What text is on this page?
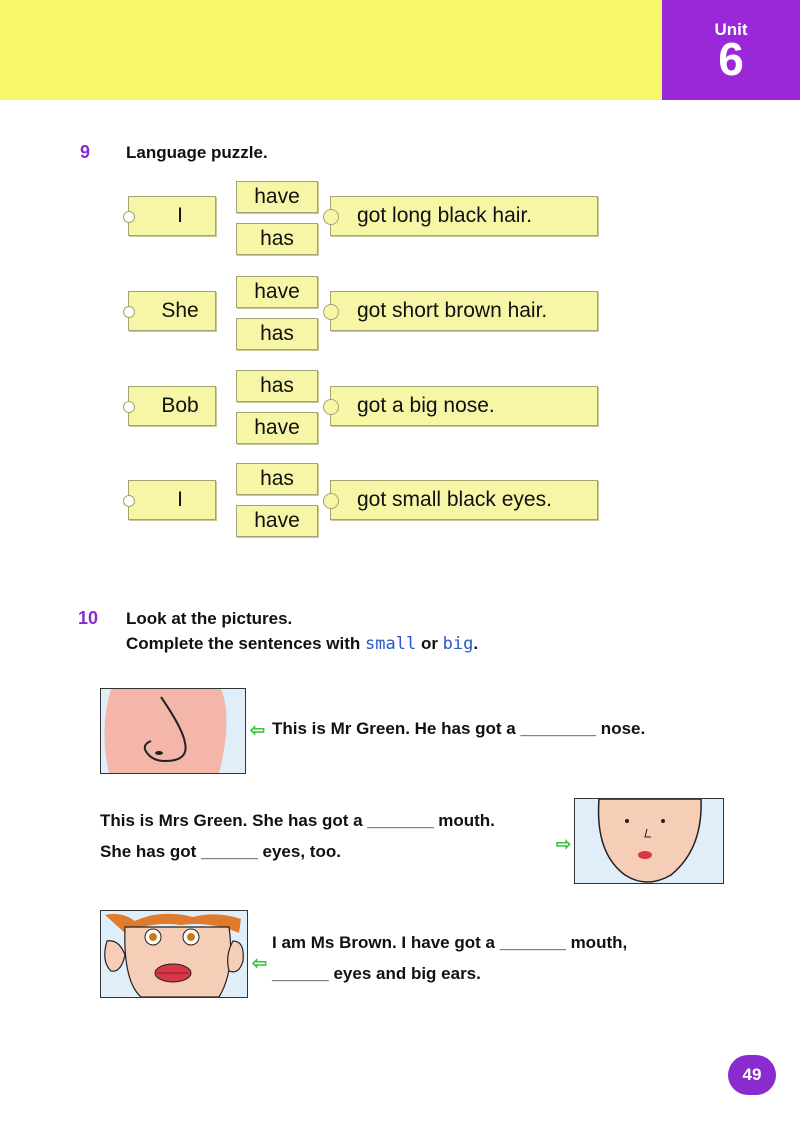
Unit
6
9 Language puzzle.
I
have
has
got long black hair.
She
have
has
got short brown hair.
Bob
has
have
got a big nose.
I
has
have
got small black eyes.
10 Look at the pictures.
Complete the sentences with small or big.
⇦ This is Mr Green. He has got a ________ nose.
This is Mrs Green. She has got a _______ mouth.
She has got ______ eyes, too.	⇨
⇦
I am Ms Brown. I have got a _______ mouth,
______ eyes and big ears.
49
